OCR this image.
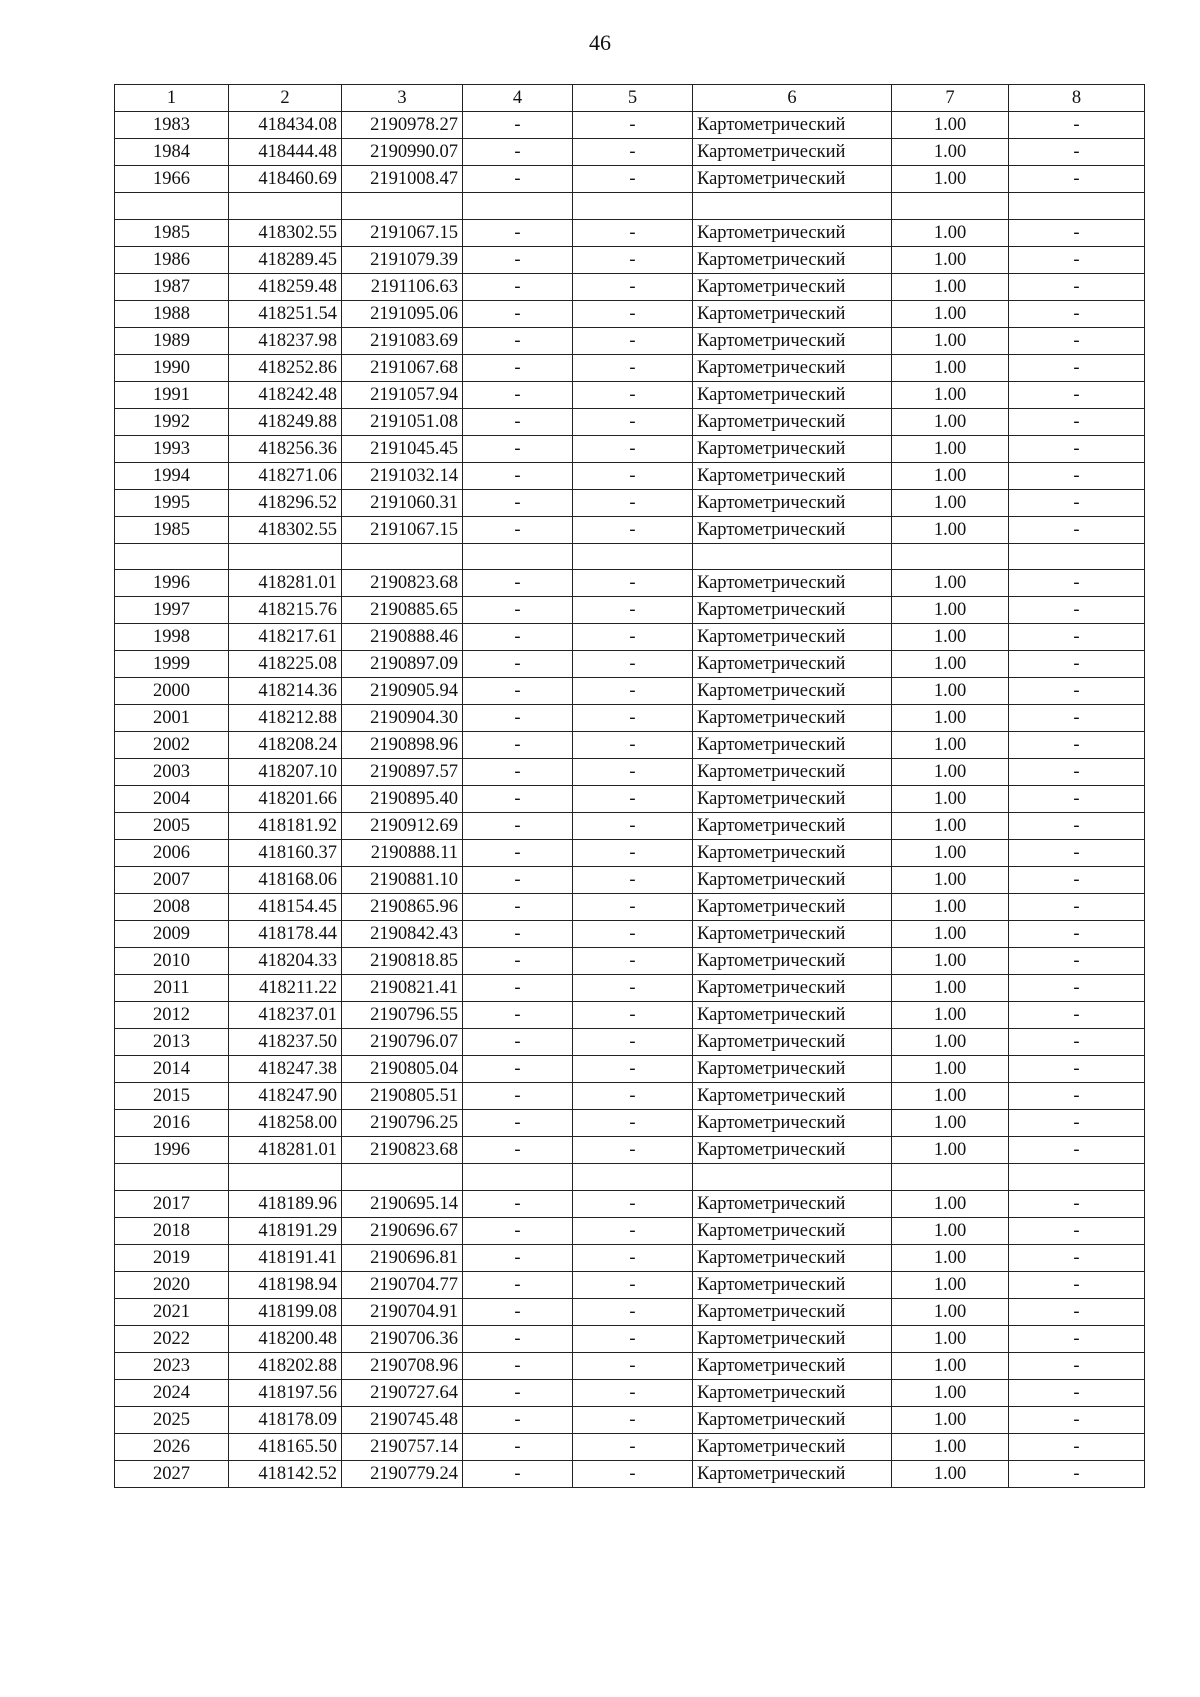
46
1	2	3	4	5	6	7	8
1983	418434.08	2190978.27	-	-	Картометрический	1.00	-
1984	418444.48	2190990.07	-	-	Картометрический	1.00	-
1966	418460.69	2191008.47	-	-	Картометрический	1.00	-

1985	418302.55	2191067.15	-	-	Картометрический	1.00	-
1986	418289.45	2191079.39	-	-	Картометрический	1.00	-
1987	418259.48	2191106.63	-	-	Картометрический	1.00	-
1988	418251.54	2191095.06	-	-	Картометрический	1.00	-
1989	418237.98	2191083.69	-	-	Картометрический	1.00	-
1990	418252.86	2191067.68	-	-	Картометрический	1.00	-
1991	418242.48	2191057.94	-	-	Картометрический	1.00	-
1992	418249.88	2191051.08	-	-	Картометрический	1.00	-
1993	418256.36	2191045.45	-	-	Картометрический	1.00	-
1994	418271.06	2191032.14	-	-	Картометрический	1.00	-
1995	418296.52	2191060.31	-	-	Картометрический	1.00	-
1985	418302.55	2191067.15	-	-	Картометрический	1.00	-

1996	418281.01	2190823.68	-	-	Картометрический	1.00	-
1997	418215.76	2190885.65	-	-	Картометрический	1.00	-
1998	418217.61	2190888.46	-	-	Картометрический	1.00	-
1999	418225.08	2190897.09	-	-	Картометрический	1.00	-
2000	418214.36	2190905.94	-	-	Картометрический	1.00	-
2001	418212.88	2190904.30	-	-	Картометрический	1.00	-
2002	418208.24	2190898.96	-	-	Картометрический	1.00	-
2003	418207.10	2190897.57	-	-	Картометрический	1.00	-
2004	418201.66	2190895.40	-	-	Картометрический	1.00	-
2005	418181.92	2190912.69	-	-	Картометрический	1.00	-
2006	418160.37	2190888.11	-	-	Картометрический	1.00	-
2007	418168.06	2190881.10	-	-	Картометрический	1.00	-
2008	418154.45	2190865.96	-	-	Картометрический	1.00	-
2009	418178.44	2190842.43	-	-	Картометрический	1.00	-
2010	418204.33	2190818.85	-	-	Картометрический	1.00	-
2011	418211.22	2190821.41	-	-	Картометрический	1.00	-
2012	418237.01	2190796.55	-	-	Картометрический	1.00	-
2013	418237.50	2190796.07	-	-	Картометрический	1.00	-
2014	418247.38	2190805.04	-	-	Картометрический	1.00	-
2015	418247.90	2190805.51	-	-	Картометрический	1.00	-
2016	418258.00	2190796.25	-	-	Картометрический	1.00	-
1996	418281.01	2190823.68	-	-	Картометрический	1.00	-

2017	418189.96	2190695.14	-	-	Картометрический	1.00	-
2018	418191.29	2190696.67	-	-	Картометрический	1.00	-
2019	418191.41	2190696.81	-	-	Картометрический	1.00	-
2020	418198.94	2190704.77	-	-	Картометрический	1.00	-
2021	418199.08	2190704.91	-	-	Картометрический	1.00	-
2022	418200.48	2190706.36	-	-	Картометрический	1.00	-
2023	418202.88	2190708.96	-	-	Картометрический	1.00	-
2024	418197.56	2190727.64	-	-	Картометрический	1.00	-
2025	418178.09	2190745.48	-	-	Картометрический	1.00	-
2026	418165.50	2190757.14	-	-	Картометрический	1.00	-
2027	418142.52	2190779.24	-	-	Картометрический	1.00	-
